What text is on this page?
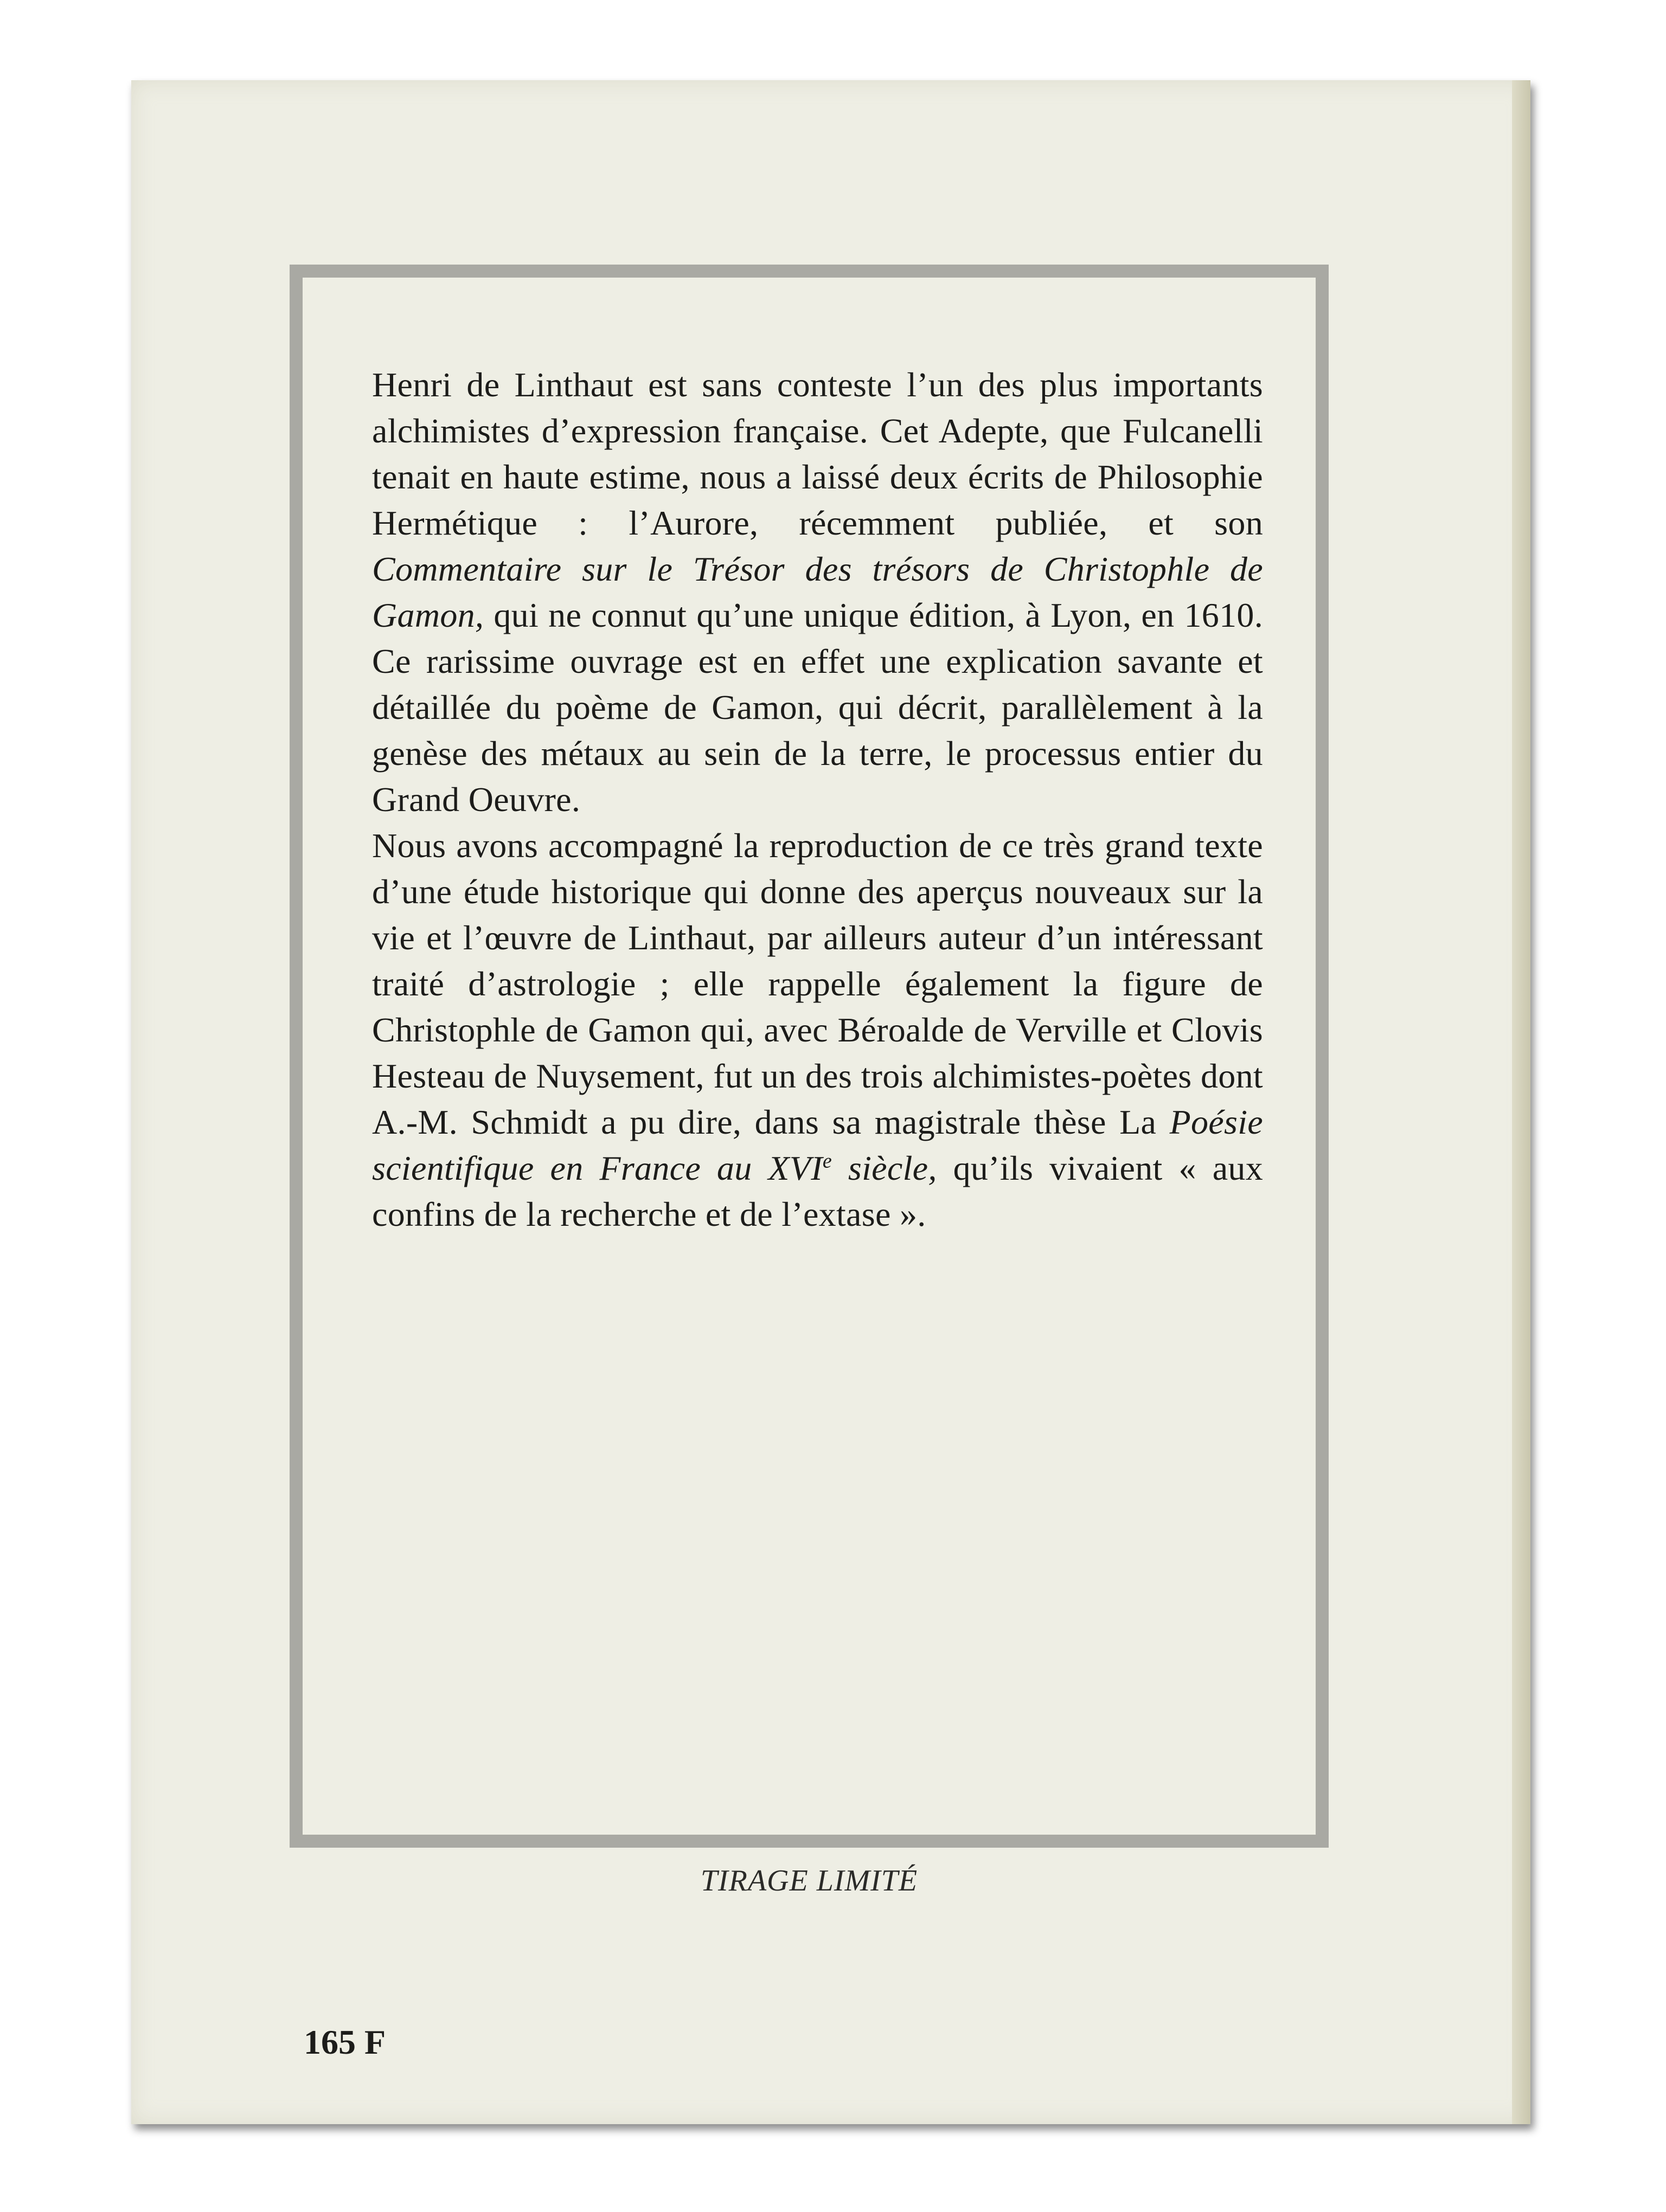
Henri de Linthaut est sans conteste l’un des plus importants alchimistes d’expression française. Cet Adepte, que Fulcanelli tenait en haute estime, nous a laissé deux écrits de Philosophie Hermétique : l’Aurore, récemment publiée, et son Commentaire sur le Trésor des trésors de Christophle de Gamon, qui ne connut qu’une unique édition, à Lyon, en 1610. Ce rarissime ouvrage est en effet une explication savante et détaillée du poème de Gamon, qui décrit, parallèlement à la genèse des métaux au sein de la terre, le processus entier du Grand Oeuvre.

Nous avons accompagné la reproduction de ce très grand texte d’une étude historique qui donne des aperçus nouveaux sur la vie et l’œuvre de Linthaut, par ailleurs auteur d’un intéressant traité d’astrologie ; elle rappelle également la figure de Christophle de Gamon qui, avec Béroalde de Verville et Clovis Hesteau de Nuysement, fut un des trois alchimistes-poètes dont A.-M. Schmidt a pu dire, dans sa magistrale thèse La Poésie scientifique en France au XVIe siècle, qu’ils vivaient « aux confins de la recherche et de l’extase ».

TIRAGE LIMITÉ
165 F
